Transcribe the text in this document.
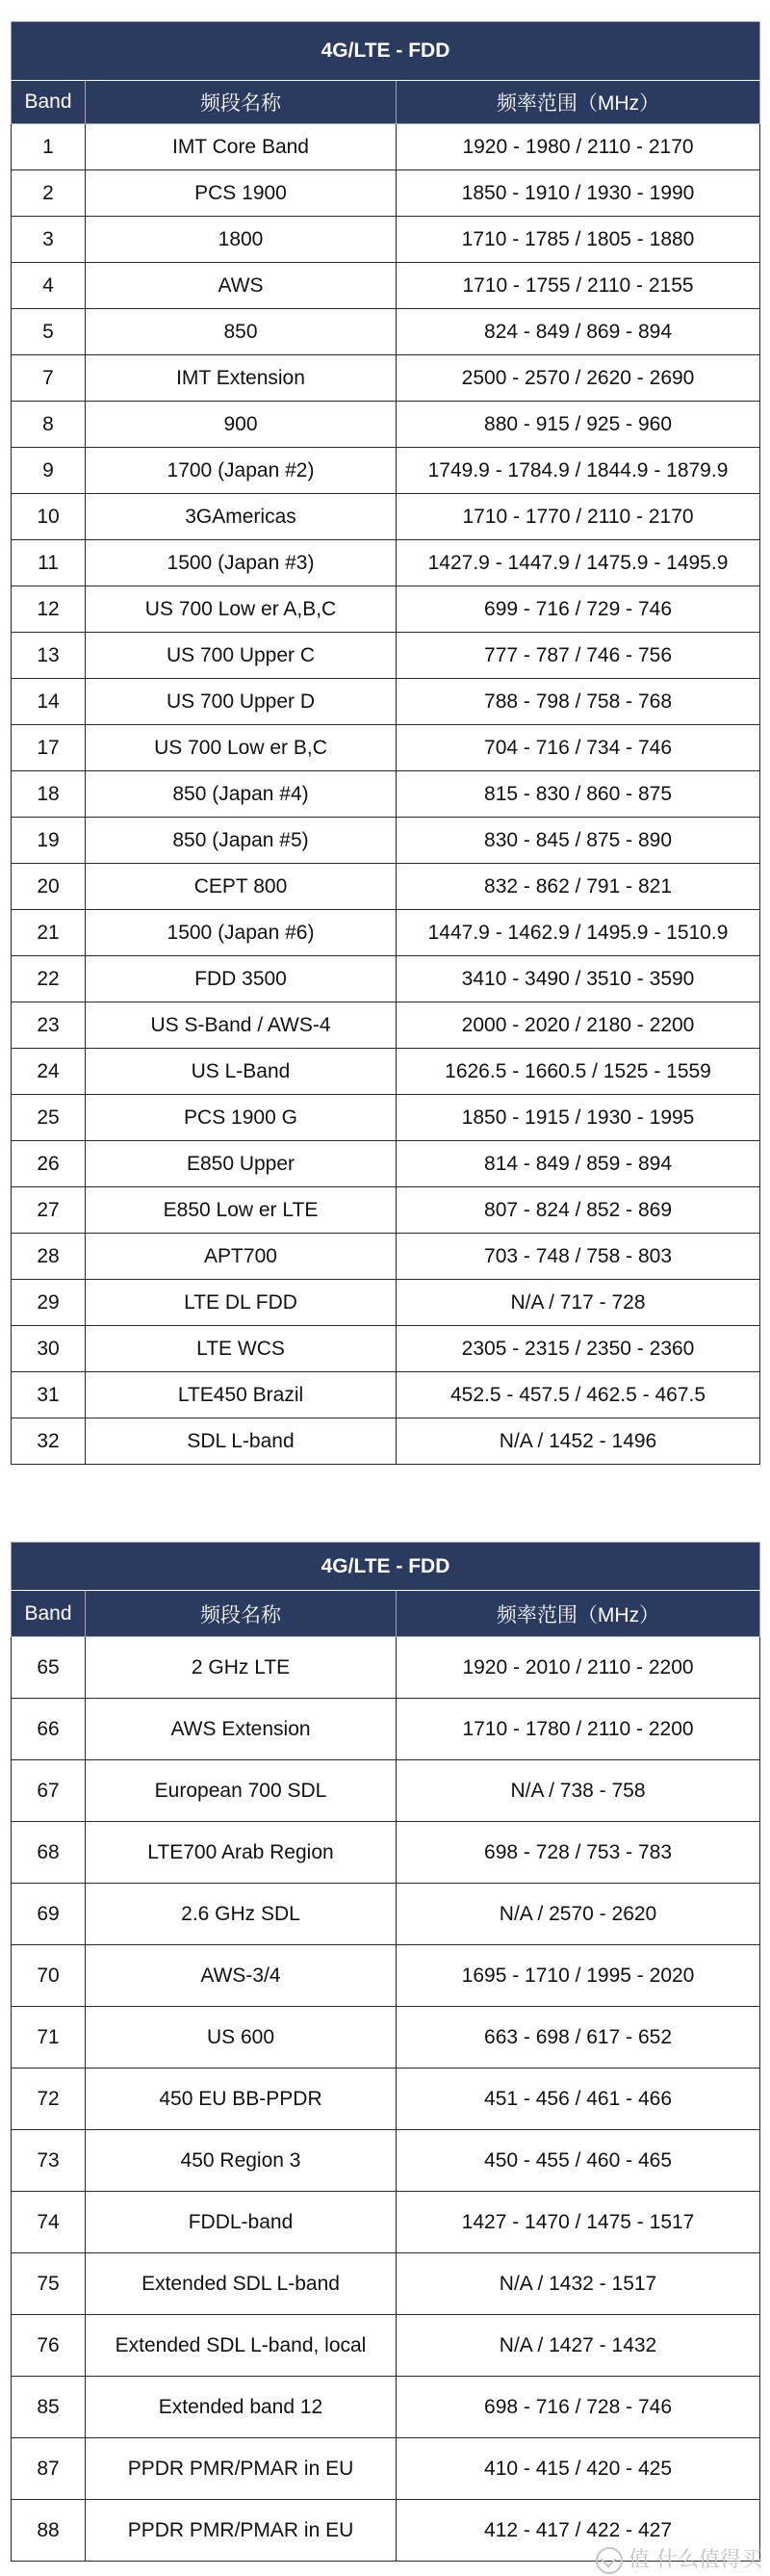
4G/LTE - FDD		
Band	频段名称	频率范围（MHz）
1	IMT Core Band	1920 - 1980 / 2110 - 2170
2	PCS 1900	1850 - 1910 / 1930 - 1990
3	1800	1710 - 1785 / 1805 - 1880
4	AWS	1710 - 1755 / 2110 - 2155
5	850	824 - 849 / 869 - 894
7	IMT Extension	2500 - 2570 / 2620 - 2690
8	900	880 - 915 / 925 - 960
9	1700 (Japan #2)	1749.9 - 1784.9 / 1844.9 - 1879.9
10	3GAmericas	1710 - 1770 / 2110 - 2170
11	1500 (Japan #3)	1427.9 - 1447.9 / 1475.9 - 1495.9
12	US 700 Low er A,B,C	699 - 716 / 729 - 746
13	US 700 Upper C	777 - 787 / 746 - 756
14	US 700 Upper D	788 - 798 / 758 - 768
17	US 700 Low er B,C	704 - 716 / 734 - 746
18	850 (Japan #4)	815 - 830 / 860 - 875
19	850 (Japan #5)	830 - 845 / 875 - 890
20	CEPT 800	832 - 862 / 791 - 821
21	1500 (Japan #6)	1447.9 - 1462.9 / 1495.9 - 1510.9
22	FDD 3500	3410 - 3490 / 3510 - 3590
23	US S-Band / AWS-4	2000 - 2020 / 2180 - 2200
24	US L-Band	1626.5 - 1660.5 / 1525 - 1559
25	PCS 1900 G	1850 - 1915 / 1930 - 1995
26	E850 Upper	814 - 849 / 859 - 894
27	E850 Low er LTE	807 - 824 / 852 - 869
28	APT700	703 - 748 / 758 - 803
29	LTE DL FDD	N/A / 717 - 728
30	LTE WCS	2305 - 2315 / 2350 - 2360
31	LTE450 Brazil	452.5 - 457.5 / 462.5 - 467.5
32	SDL L-band	N/A / 1452 - 1496
4G/LTE - FDD		
Band	频段名称	频率范围（MHz）
65	2 GHz LTE	1920 - 2010 / 2110 - 2200
66	AWS Extension	1710 - 1780 / 2110 - 2200
67	European 700 SDL	N/A / 738 - 758
68	LTE700 Arab Region	698 - 728 / 753 - 783
69	2.6 GHz SDL	N/A / 2570 - 2620
70	AWS-3/4	1695 - 1710 / 1995 - 2020
71	US 600	663 - 698 / 617 - 652
72	450 EU BB-PPDR	451 - 456 / 461 - 466
73	450 Region 3	450 - 455 / 460 - 465
74	FDDL-band	1427 - 1470 / 1475 - 1517
75	Extended SDL L-band	N/A / 1432 - 1517
76	Extended SDL L-band, local	N/A / 1427 - 1432
85	Extended band 12	698 - 716 / 728 - 746
87	PPDR PMR/PMAR in EU	410 - 415 / 420 - 425
88	PPDR PMR/PMAR in EU	412 - 417 / 422 - 427
值 什么值得买
